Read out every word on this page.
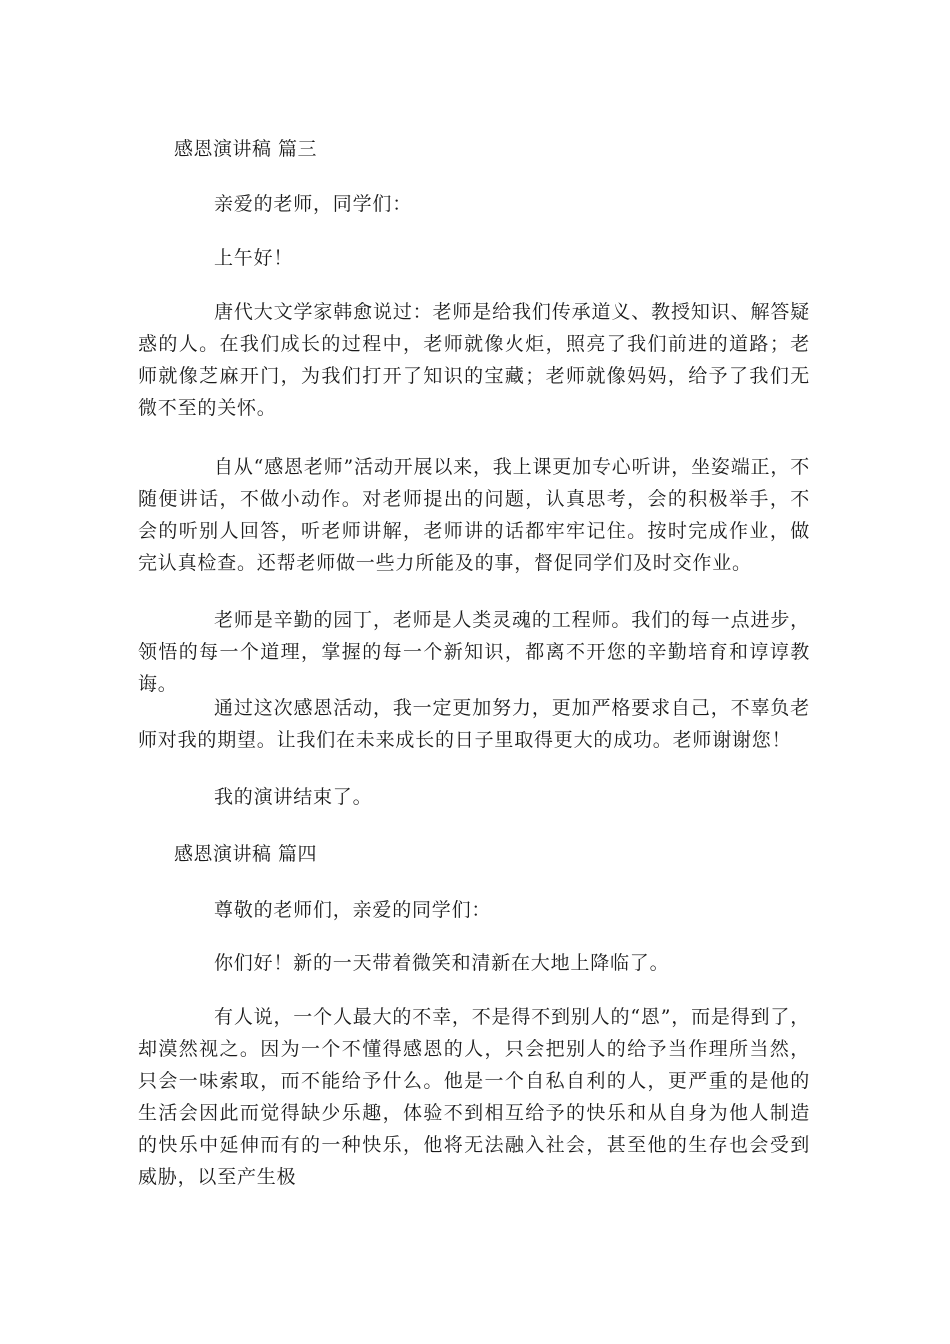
感恩演讲稿 篇三
亲爱的老师，同学们：
上午好！
唐代大文学家韩愈说过：老师是给我们传承道义、教授知识、解答疑惑的人。在我们成长的过程中，老师就像火炬，照亮了我们前进的道路；老师就像芝麻开门，为我们打开了知识的宝藏；老师就像妈妈，给予了我们无微不至的关怀。
自从“感恩老师”活动开展以来，我上课更加专心听讲，坐姿端正，不随便讲话，不做小动作。对老师提出的问题，认真思考，会的积极举手，不会的听别人回答，听老师讲解，老师讲的话都牢牢记住。按时完成作业，做完认真检查。还帮老师做一些力所能及的事，督促同学们及时交作业。
老师是辛勤的园丁，老师是人类灵魂的工程师。我们的每一点进步，领悟的每一个道理，掌握的每一个新知识，都离不开您的辛勤培育和谆谆教诲。
通过这次感恩活动，我一定更加努力，更加严格要求自己，不辜负老师对我的期望。让我们在未来成长的日子里取得更大的成功。老师谢谢您！
我的演讲结束了。
感恩演讲稿 篇四
尊敬的老师们，亲爱的同学们：
你们好！新的一天带着微笑和清新在大地上降临了。
有人说，一个人最大的不幸，不是得不到别人的“恩”，而是得到了，却漠然视之。因为一个不懂得感恩的人，只会把别人的给予当作理所当然，只会一味索取，而不能给予什么。他是一个自私自利的人，更严重的是他的生活会因此而觉得缺少乐趣，体验不到相互给予的快乐和从自身为他人制造的快乐中延伸而有的一种快乐，他将无法融入社会，甚至他的生存也会受到威胁，以至产生极
